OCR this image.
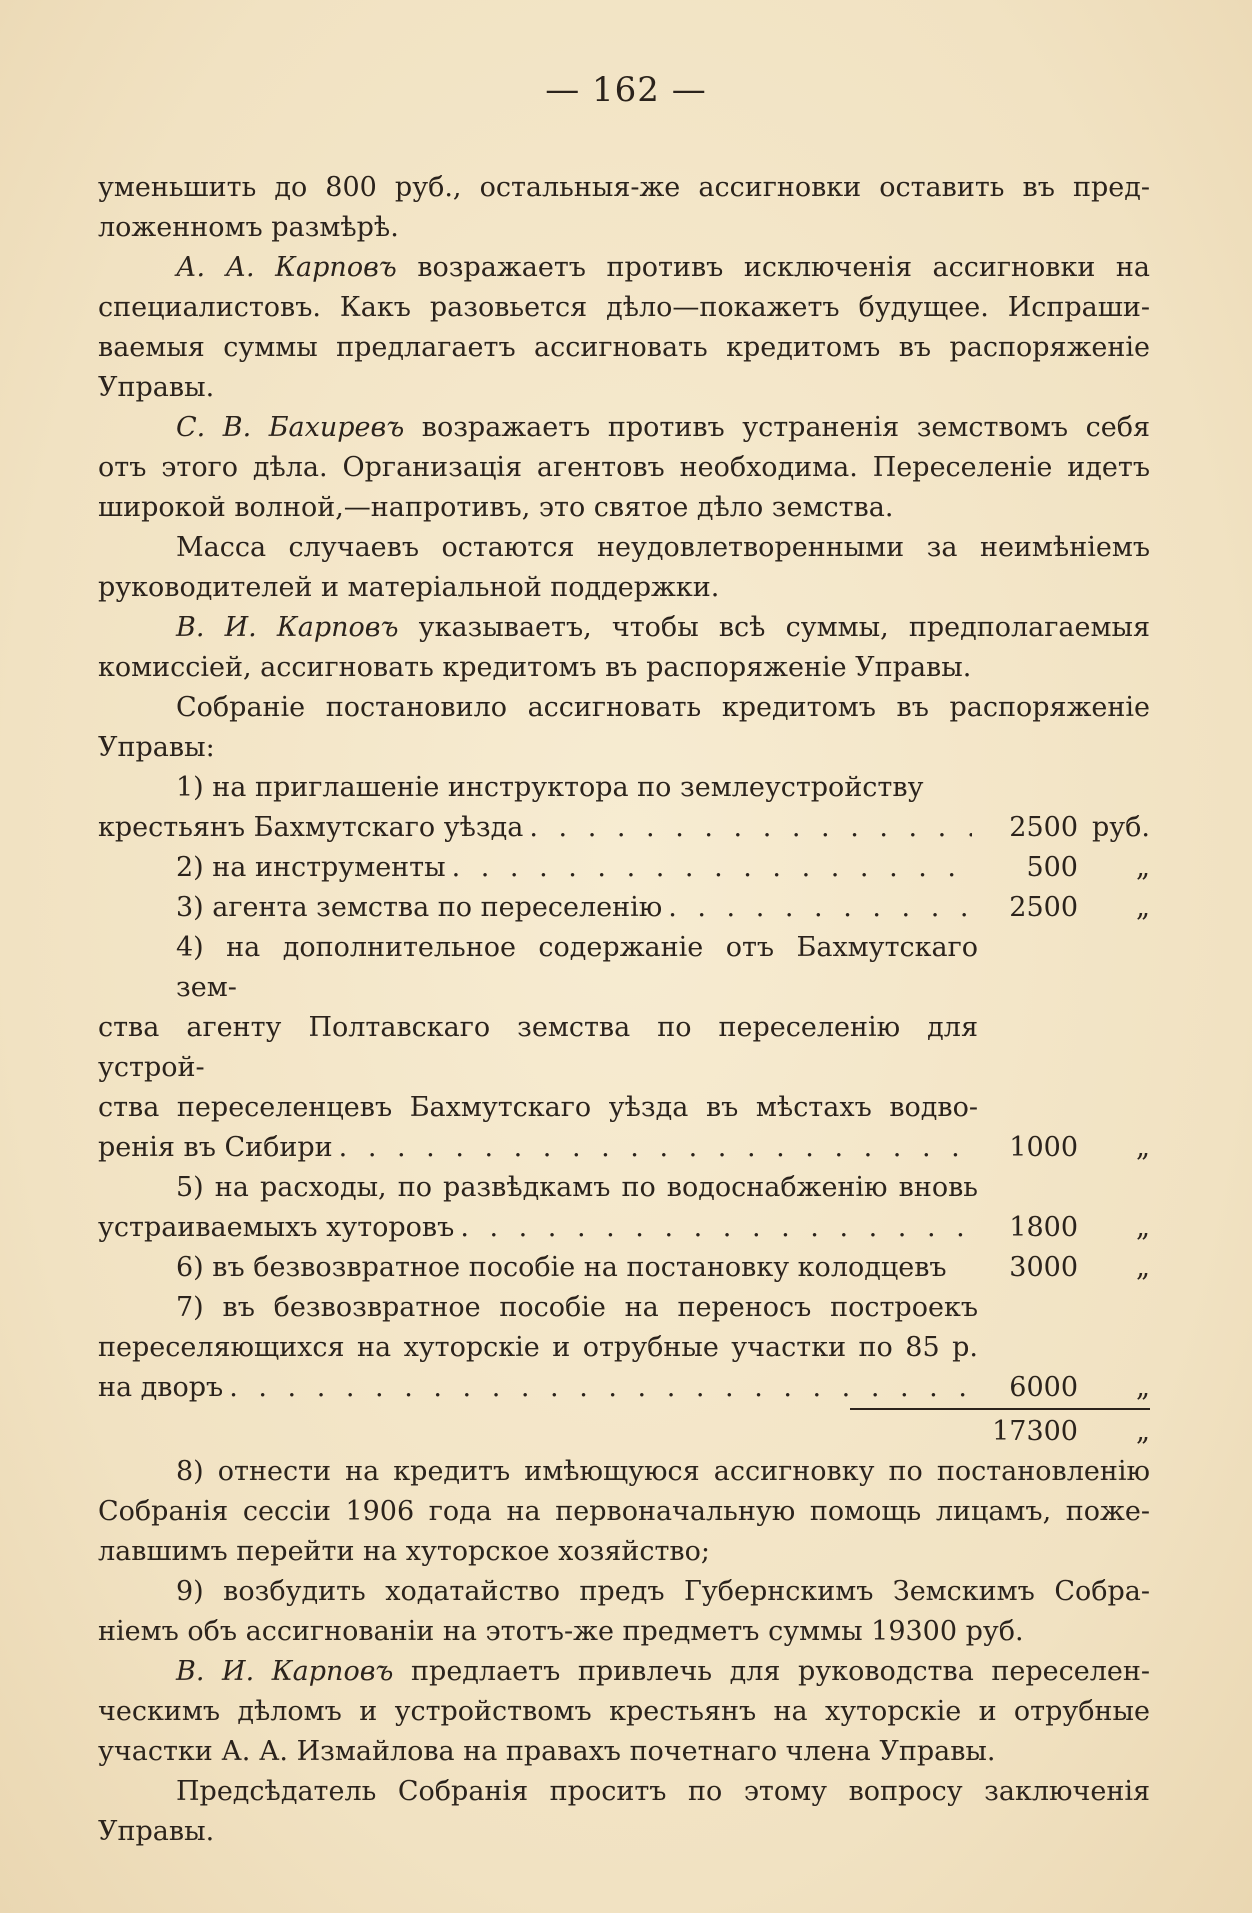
— 162 —

уменьшить до 800 руб., остальныя-же ассигновки оставить въ пред-
ложенномъ размѣрѣ.

А. А. Карповъ возражаетъ противъ исключенія ассигновки на
специалистовъ. Какъ разовьется дѣло—покажетъ будущее. Испраши-
ваемыя суммы предлагаетъ ассигновать кредитомъ въ распоряженіе
Управы.

С. В. Бахиревъ возражаетъ противъ устраненія земствомъ себя
отъ этого дѣла. Организація агентовъ необходима. Переселеніе идетъ
широкой волной,—напротивъ, это святое дѣло земства.

Масса случаевъ остаются неудовлетворенными за неимѣніемъ
руководителей и матеріальной поддержки.

В. И. Карповъ указываетъ, чтобы всѣ суммы, предполагаемыя
комиссіей, ассигновать кредитомъ въ распоряженіе Управы.

Собраніе постановило ассигновать кредитомъ въ распоряженіе
Управы:

1) на приглашеніе инструктора по землеустройству
крестьянъ Бахмутскаго уѣзда . . .	2500 руб.
2) на инструменты . . .	500	„
3) агента земства по переселенію . . .	2500	„
4) на дополнительное содержаніе отъ Бахмутскаго зем-
ства агенту Полтавскаго земства по переселенію для устрой-
ства переселенцевъ Бахмутскаго уѣзда въ мѣстахъ водво-
ренія въ Сибири . . .	1000	„
5) на расходы, по развѣдкамъ по водоснабженію вновь
устраиваемыхъ хуторовъ . . .	1800	„
6) въ безвозвратное пособіе на постановку колодцевъ	3000	„
7) въ безвозвратное пособіе на переносъ построекъ
переселяющихся на хуторскіе и отрубные участки по 85 р.
на дворъ . . .	6000	„
17300	„

8) отнести на кредитъ имѣющуюся ассигновку по постановленію
Собранія сессіи 1906 года на первоначальную помощь лицамъ, поже-
лавшимъ перейти на хуторское хозяйство;

9) возбудить ходатайство предъ Губернскимъ Земскимъ Собра-
ніемъ объ ассигнованіи на этотъ-же предметъ суммы 19300 руб.

В. И. Карповъ предлаетъ привлечь для руководства переселен-
ческимъ дѣломъ и устройствомъ крестьянъ на хуторскіе и отрубные
участки А. А. Измайлова на правахъ почетнаго члена Управы.

Предсѣдатель Собранія проситъ по этому вопросу заключенія
Управы.
